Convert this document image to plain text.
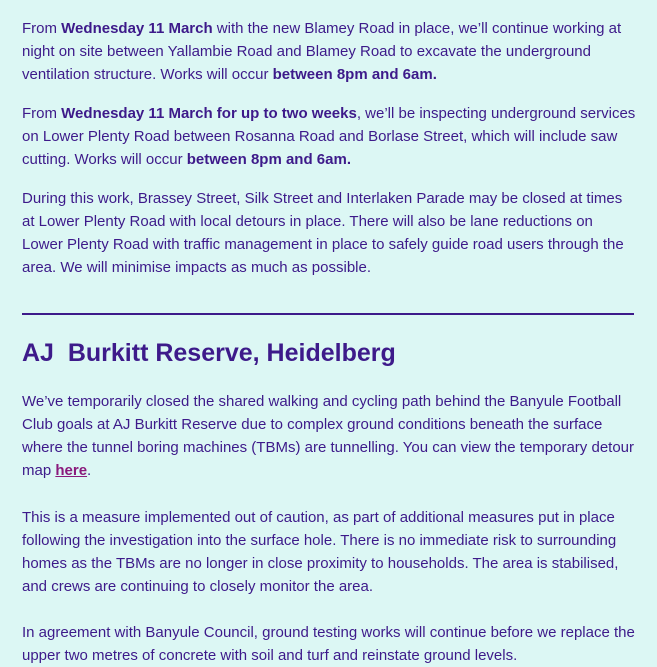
From Wednesday 11 March with the new Blamey Road in place, we’ll continue working at night on site between Yallambie Road and Blamey Road to excavate the underground ventilation structure. Works will occur between 8pm and 6am.

From Wednesday 11 March for up to two weeks, we’ll be inspecting underground services on Lower Plenty Road between Rosanna Road and Borlase Street, which will include saw cutting. Works will occur between 8pm and 6am.

During this work, Brassey Street, Silk Street and Interlaken Parade may be closed at times at Lower Plenty Road with local detours in place. There will also be lane reductions on Lower Plenty Road with traffic management in place to safely guide road users through the area. We will minimise impacts as much as possible.

AJ  Burkitt Reserve, Heidelberg

We’ve temporarily closed the shared walking and cycling path behind the Banyule Football Club goals at AJ Burkitt Reserve due to complex ground conditions beneath the surface where the tunnel boring machines (TBMs) are tunnelling. You can view the temporary detour map here.

This is a measure implemented out of caution, as part of additional measures put in place following the investigation into the surface hole. There is no immediate risk to surrounding homes as the TBMs are no longer in close proximity to households. The area is stabilised, and crews are continuing to closely monitor the area.

In agreement with Banyule Council, ground testing works will continue before we replace the upper two metres of concrete with soil and turf and reinstate ground levels.
